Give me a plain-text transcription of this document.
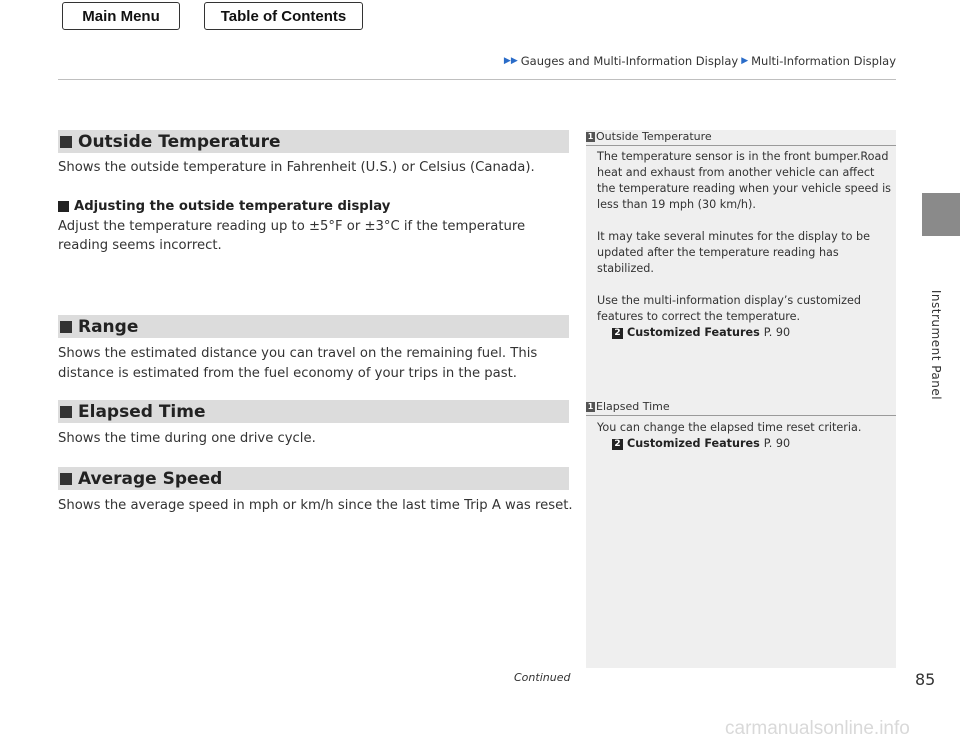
Main Menu	Table of Contents
▶▶ Gauges and Multi-Information Display ▶ Multi-Information Display
Instrument Panel
Outside Temperature
Shows the outside temperature in Fahrenheit (U.S.) or Celsius (Canada).
Adjusting the outside temperature display
Adjust the temperature reading up to ±5°F or ±3°C if the temperature reading seems incorrect.
Range
Shows the estimated distance you can travel on the remaining fuel. This distance is estimated from the fuel economy of your trips in the past.
Elapsed Time
Shows the time during one drive cycle.
Average Speed
Shows the average speed in mph or km/h since the last time Trip A was reset.
1 Outside Temperature

The temperature sensor is in the front bumper.Road heat and exhaust from another vehicle can affect the temperature reading when your vehicle speed is less than 19 mph (30 km/h).

It may take several minutes for the display to be updated after the temperature reading has stabilized.

Use the multi-information display’s customized features to correct the temperature.

2 Customized Features P. 90
1 Elapsed Time

You can change the elapsed time reset criteria.

2 Customized Features P. 90
Continued	85
carmanualsonline.info
